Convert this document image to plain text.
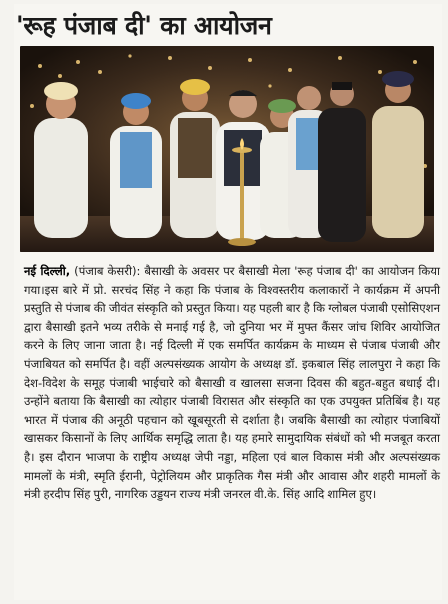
'रूह पंजाब दी' का आयोजन

नई दिल्ली, (पंजाब केसरी): बैसाखी के अवसर पर बैसाखी मेला 'रूह पंजाब दी' का आयोजन किया गया।इस बारे में प्रो. सरचंद सिंह ने कहा कि पंजाब के विश्वस्तरीय कलाकारों ने कार्यक्रम में अपनी प्रस्तुति से पंजाब की जीवंत संस्कृति को प्रस्तुत किया। यह पहली बार है कि ग्लोबल पंजाबी एसोसिएशन द्वारा बैसाखी इतने भव्य तरीके से मनाई गई है, जो दुनिया भर में मुफ्त कैंसर जांच शिविर आयोजित करने के लिए जाना जाता है। नई दिल्ली में एक समर्पित कार्यक्रम के माध्यम से पंजाब पंजाबी और पंजाबियत को समर्पित है। वहीं अल्पसंख्यक आयोग के अध्यक्ष डॉ. इकबाल सिंह लालपुरा ने कहा कि देश-विदेश के समूह पंजाबी भाईचारे को बैसाखी व खालसा सजना दिवस की बहुत-बहुत बधाई दी। उन्होंने बताया कि बैसाखी का त्योहार पंजाबी विरासत और संस्कृति का एक उपयुक्त प्रतिबिंब है। यह भारत में पंजाब की अनूठी पहचान को खूबसूरती से दर्शाता है। जबकि बैसाखी का त्योहार पंजाबियों खासकर किसानों के लिए आर्थिक समृद्धि लाता है। यह हमारे सामुदायिक संबंधों को भी मजबूत करता है। इस दौरान भाजपा के राष्ट्रीय अध्यक्ष जेपी नड्डा, महिला एवं बाल विकास मंत्री और अल्पसंख्यक मामलों के मंत्री, स्मृति ईरानी, पेट्रोलियम और प्राकृतिक गैस मंत्री और आवास और शहरी मामलों के मंत्री हरदीप सिंह पुरी, नागरिक उड्डयन राज्य मंत्री जनरल वी.के. सिंह आदि शामिल हुए।
